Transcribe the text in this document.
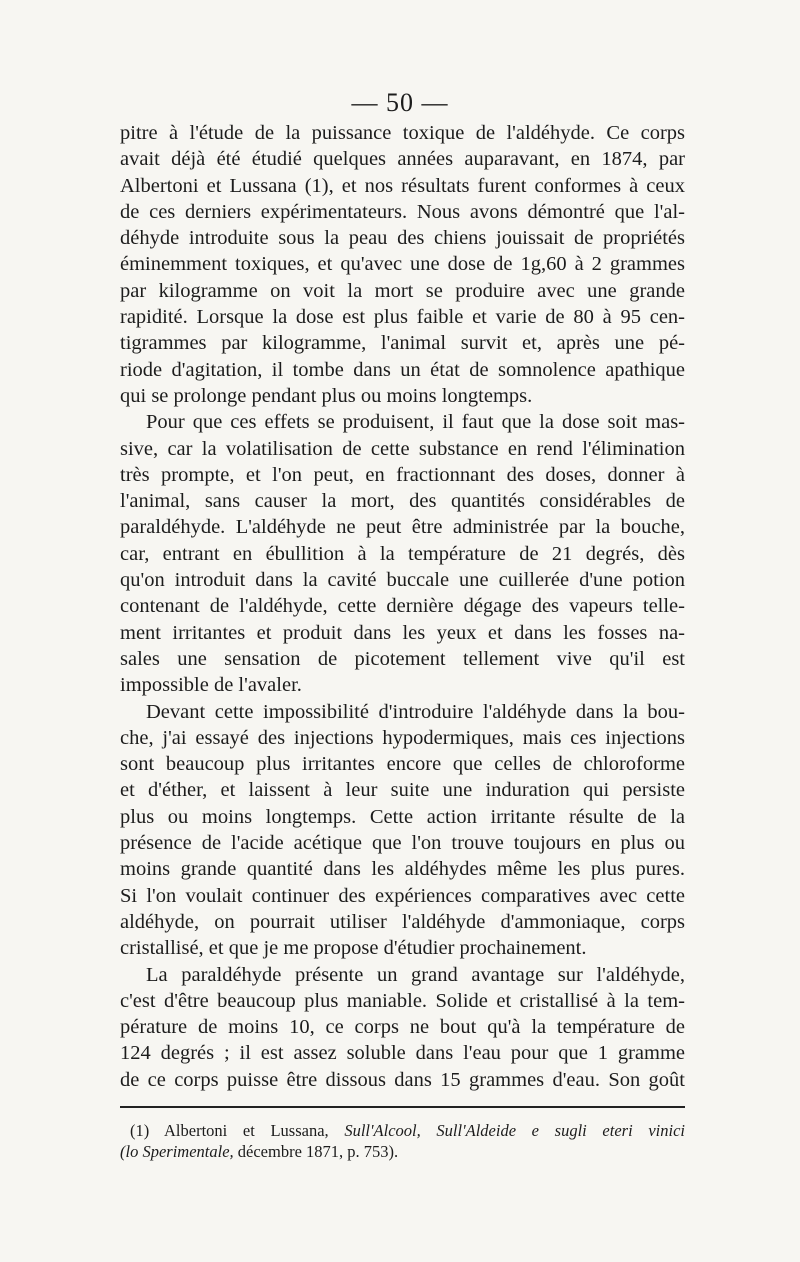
— 50 —
pitre à l'étude de la puissance toxique de l'aldéhyde. Ce corps
avait déjà été étudié quelques années auparavant, en 1874, par
Albertoni et Lussana (1), et nos résultats furent conformes à ceux
de ces derniers expérimentateurs. Nous avons démontré que l'al-
déhyde introduite sous la peau des chiens jouissait de propriétés
éminemment toxiques, et qu'avec une dose de 1g,60 à 2 grammes
par kilogramme on voit la mort se produire avec une grande
rapidité. Lorsque la dose est plus faible et varie de 80 à 95 cen-
tigrammes par kilogramme, l'animal survit et, après une pé-
riode d'agitation, il tombe dans un état de somnolence apathique
qui se prolonge pendant plus ou moins longtemps.
Pour que ces effets se produisent, il faut que la dose soit mas-
sive, car la volatilisation de cette substance en rend l'élimination
très prompte, et l'on peut, en fractionnant des doses, donner à
l'animal, sans causer la mort, des quantités considérables de
paraldéhyde. L'aldéhyde ne peut être administrée par la bouche,
car, entrant en ébullition à la température de 21 degrés, dès
qu'on introduit dans la cavité buccale une cuillerée d'une potion
contenant de l'aldéhyde, cette dernière dégage des vapeurs telle-
ment irritantes et produit dans les yeux et dans les fosses na-
sales une sensation de picotement tellement vive qu'il est
impossible de l'avaler.
Devant cette impossibilité d'introduire l'aldéhyde dans la bou-
che, j'ai essayé des injections hypodermiques, mais ces injections
sont beaucoup plus irritantes encore que celles de chloroforme
et d'éther, et laissent à leur suite une induration qui persiste
plus ou moins longtemps. Cette action irritante résulte de la
présence de l'acide acétique que l'on trouve toujours en plus ou
moins grande quantité dans les aldéhydes même les plus pures.
Si l'on voulait continuer des expériences comparatives avec cette
aldéhyde, on pourrait utiliser l'aldéhyde d'ammoniaque, corps
cristallisé, et que je me propose d'étudier prochainement.
La paraldéhyde présente un grand avantage sur l'aldéhyde,
c'est d'être beaucoup plus maniable. Solide et cristallisé à la tem-
pérature de moins 10, ce corps ne bout qu'à la température de
124 degrés ; il est assez soluble dans l'eau pour que 1 gramme
de ce corps puisse être dissous dans 15 grammes d'eau. Son goût
(1) Albertoni et Lussana, Sull'Alcool, Sull'Aldeide e sugli eteri vinici
(lo Sperimentale, décembre 1871, p. 753).
